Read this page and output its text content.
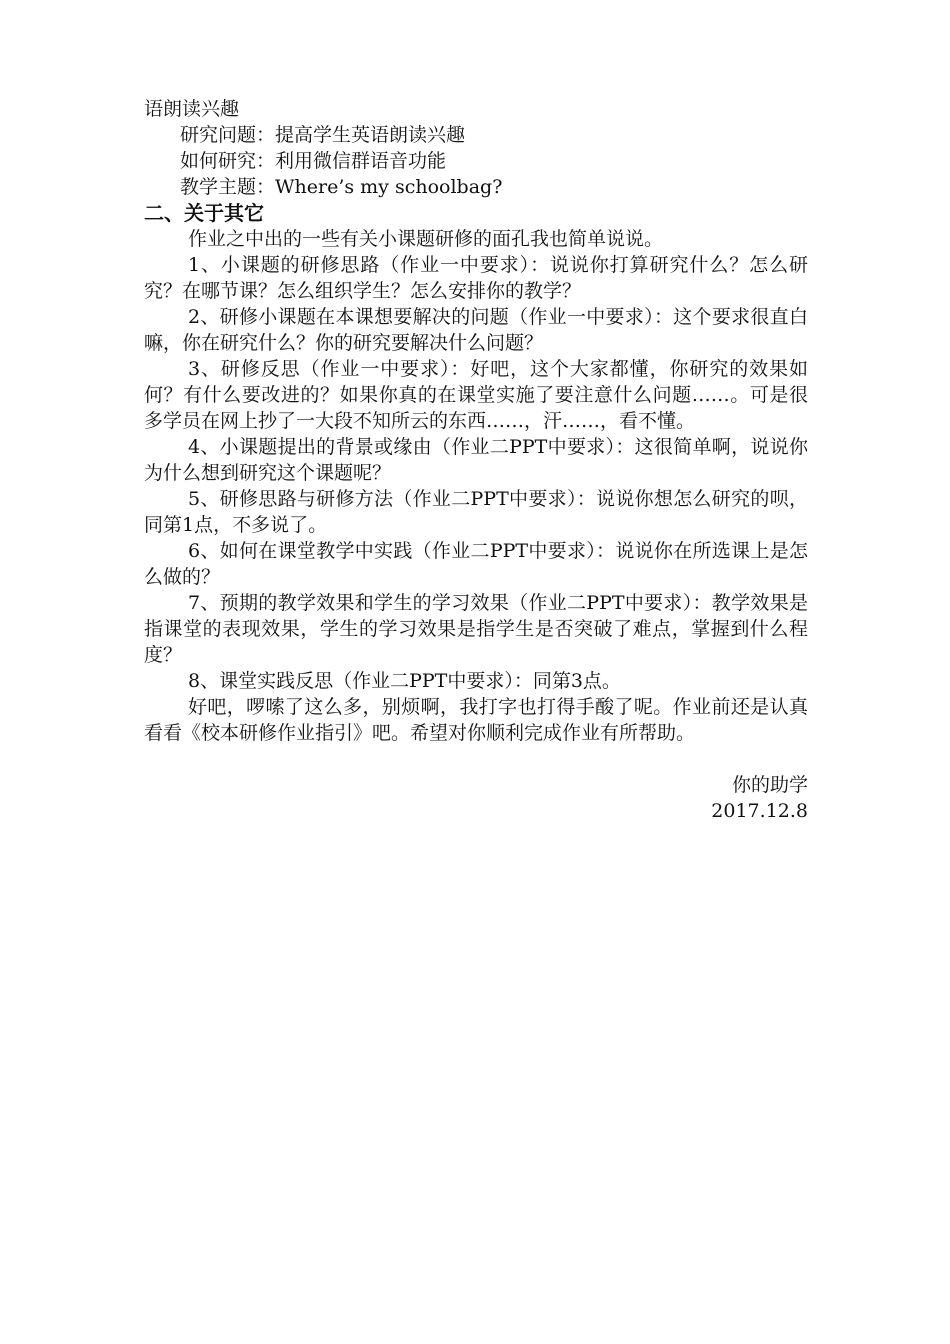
语朗读兴趣

研究问题：提高学生英语朗读兴趣

如何研究：利用微信群语音功能

教学主题：Where’s my schoolbag?

二、关于其它

作业之中出的一些有关小课题研修的面孔我也简单说说。

1、小课题的研修思路（作业一中要求）：说说你打算研究什么？怎么研究？在哪节课？怎么组织学生？怎么安排你的教学？

2、研修小课题在本课想要解决的问题（作业一中要求）：这个要求很直白嘛，你在研究什么？你的研究要解决什么问题？

3、研修反思（作业一中要求）：好吧，这个大家都懂，你研究的效果如何？有什么要改进的？如果你真的在课堂实施了要注意什么问题……。可是很多学员在网上抄了一大段不知所云的东西……，汗……，看不懂。

4、小课题提出的背景或缘由（作业二PPT中要求）：这很简单啊，说说你为什么想到研究这个课题呢？

5、研修思路与研修方法（作业二PPT中要求）：说说你想怎么研究的呗，同第1点，不多说了。

6、如何在课堂教学中实践（作业二PPT中要求）：说说你在所选课上是怎么做的？

7、预期的教学效果和学生的学习效果（作业二PPT中要求）：教学效果是指课堂的表现效果，学生的学习效果是指学生是否突破了难点，掌握到什么程度？

8、课堂实践反思（作业二PPT中要求）：同第3点。

好吧，啰嗦了这么多，别烦啊，我打字也打得手酸了呢。作业前还是认真看看《校本研修作业指引》吧。希望对你顺利完成作业有所帮助。

你的助学

2017.12.8
